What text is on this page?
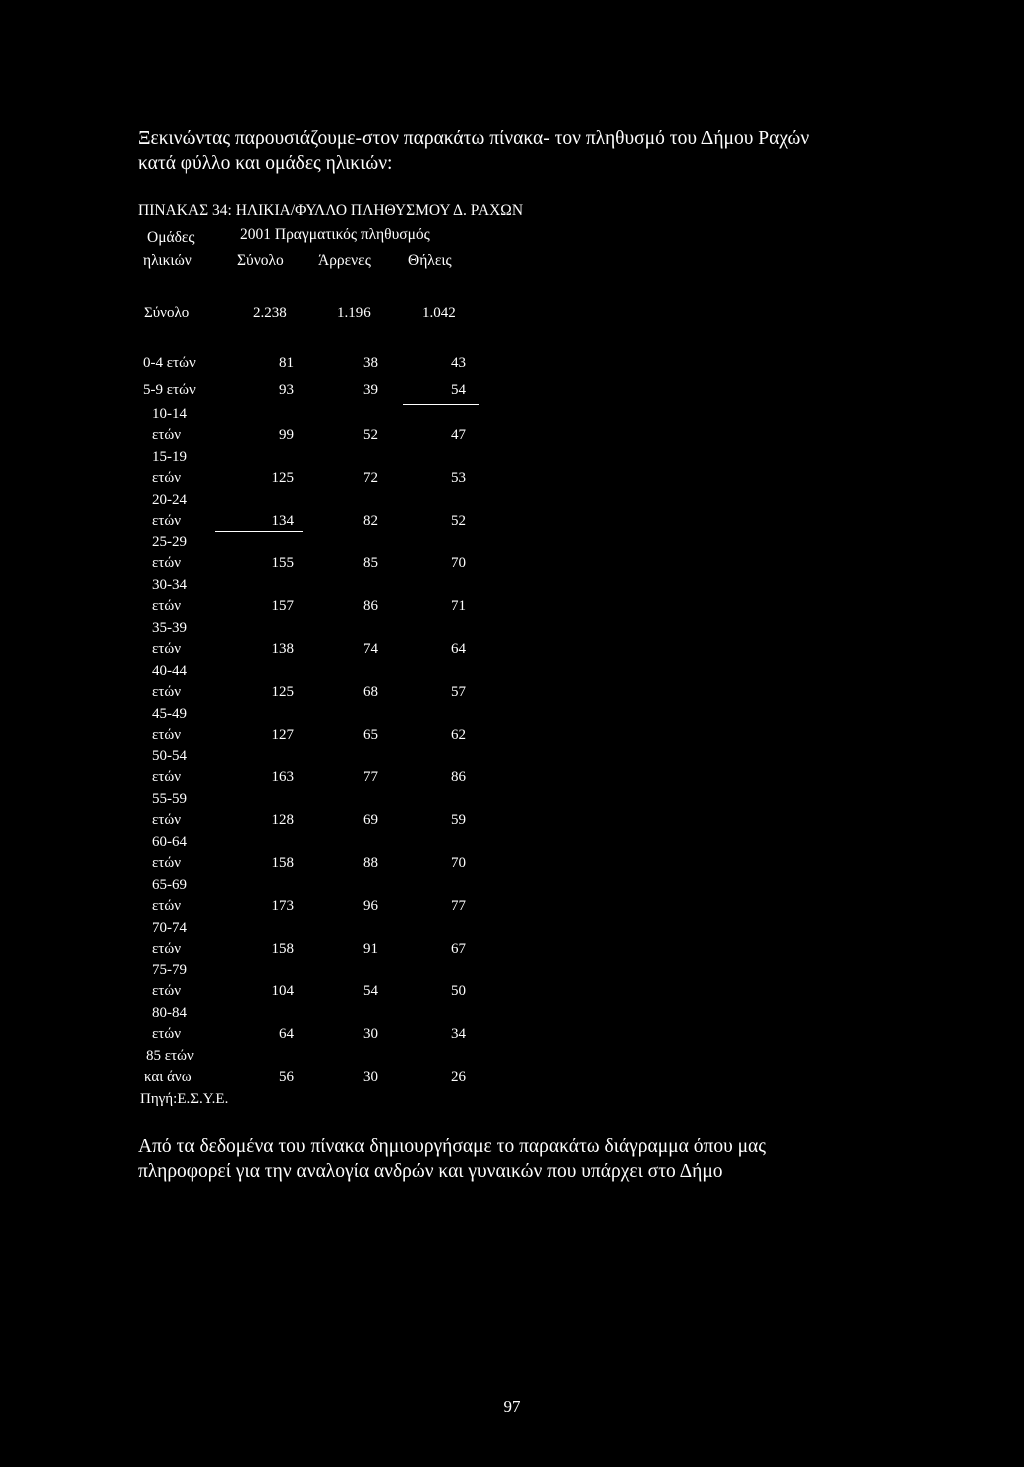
Ξεκινώντας παρουσιάζουμε-στον παρακάτω πίνακα- τον πληθυσμό του Δήμου Ραχών
κατά φύλλο και ομάδες ηλικιών:
ΠΙΝΑΚΑΣ 34: ΗΛΙΚΙΑ/ΦΥΛΛΟ ΠΛΗΘΥΣΜΟΥ Δ. ΡΑΧΩΝ
Ομάδες
ηλικιών
2001 Πραγματικός πληθυσμός
Σύνολο Άρρενες Θήλεις
Σύνολο	2.238	1.196	1.042
0-4 ετών	81	38	43
5-9 ετών	93	39	54
10-14
ετών	99	52	47
15-19
ετών	125	72	53
20-24
ετών	134	82	52
25-29
ετών	155	85	70
30-34
ετών	157	86	71
35-39
ετών	138	74	64
40-44
ετών	125	68	57
45-49
ετών	127	65	62
50-54
ετών	163	77	86
55-59
ετών	128	69	59
60-64
ετών	158	88	70
65-69
ετών	173	96	77
70-74
ετών	158	91	67
75-79
ετών	104	54	50
80-84
ετών	64	30	34
85 ετών
και άνω	56	30	26
Πηγή:Ε.Σ.Υ.Ε.
Από τα δεδομένα του πίνακα δημιουργήσαμε το παρακάτω διάγραμμα όπου μας
πληροφορεί για την αναλογία ανδρών και γυναικών που υπάρχει στο Δήμο
97
